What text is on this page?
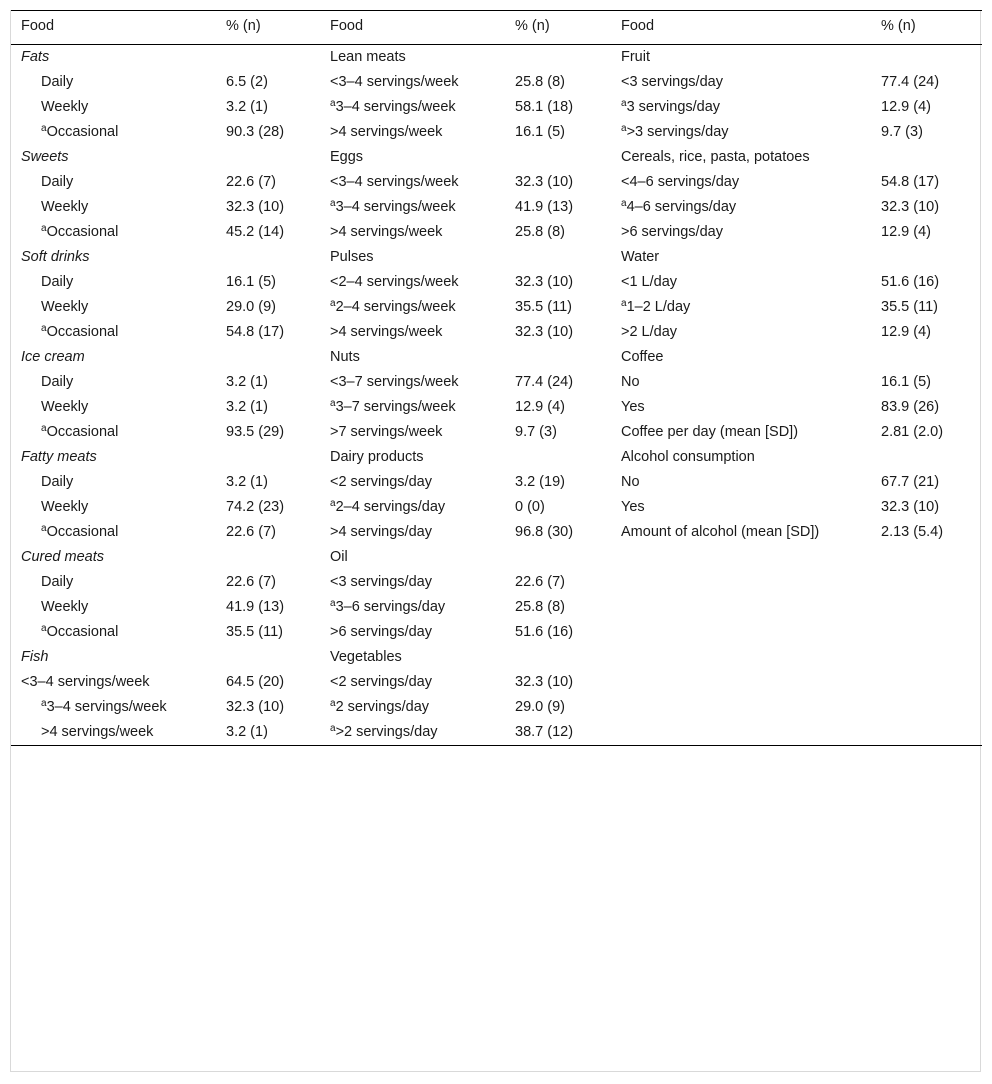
Food	% (n)	Food	% (n)	Food	% (n)
Fats		Lean meats		Fruit	
Daily	6.5 (2)	<3–4 servings/week	25.8 (8)	<3 servings/day	77.4 (24)
Weekly	3.2 (1)	$^a$3–4 servings/week	58.1 (18)	$^a$3 servings/day	12.9 (4)
$^a$Occasional	90.3 (28)	>4 servings/week	16.1 (5)	$^a$>3 servings/day	9.7 (3)
Sweets		Eggs		Cereals, rice, pasta, potatoes	
Daily	22.6 (7)	<3–4 servings/week	32.3 (10)	<4–6 servings/day	54.8 (17)
Weekly	32.3 (10)	$^a$3–4 servings/week	41.9 (13)	$^a$4–6 servings/day	32.3 (10)
$^a$Occasional	45.2 (14)	>4 servings/week	25.8 (8)	>6 servings/day	12.9 (4)
Soft drinks		Pulses		Water	
Daily	16.1 (5)	<2–4 servings/week	32.3 (10)	<1 L/day	51.6 (16)
Weekly	29.0 (9)	$^a$2–4 servings/week	35.5 (11)	$^a$1–2 L/day	35.5 (11)
$^a$Occasional	54.8 (17)	>4 servings/week	32.3 (10)	>2 L/day	12.9 (4)
Ice cream		Nuts		Coffee	
Daily	3.2 (1)	<3–7 servings/week	77.4 (24)	No	16.1 (5)
Weekly	3.2 (1)	$^a$3–7 servings/week	12.9 (4)	Yes	83.9 (26)
$^a$Occasional	93.5 (29)	>7 servings/week	9.7 (3)	Coffee per day (mean [SD])	2.81 (2.0)
Fatty meats		Dairy products		Alcohol consumption	
Daily	3.2 (1)	<2 servings/day	3.2 (19)	No	67.7 (21)
Weekly	74.2 (23)	$^a$2–4 servings/day	0 (0)	Yes	32.3 (10)
$^a$Occasional	22.6 (7)	>4 servings/day	96.8 (30)	Amount of alcohol (mean [SD])	2.13 (5.4)
Cured meats		Oil			
Daily	22.6 (7)	<3 servings/day	22.6 (7)		
Weekly	41.9 (13)	$^a$3–6 servings/day	25.8 (8)		
$^a$Occasional	35.5 (11)	>6 servings/day	51.6 (16)		
Fish		Vegetables			
<3–4 servings/week	64.5 (20)	<2 servings/day	32.3 (10)		
$^a$3–4 servings/week	32.3 (10)	$^a$2 servings/day	29.0 (9)		
>4 servings/week	3.2 (1)	$^a$>2 servings/day	38.7 (12)		
